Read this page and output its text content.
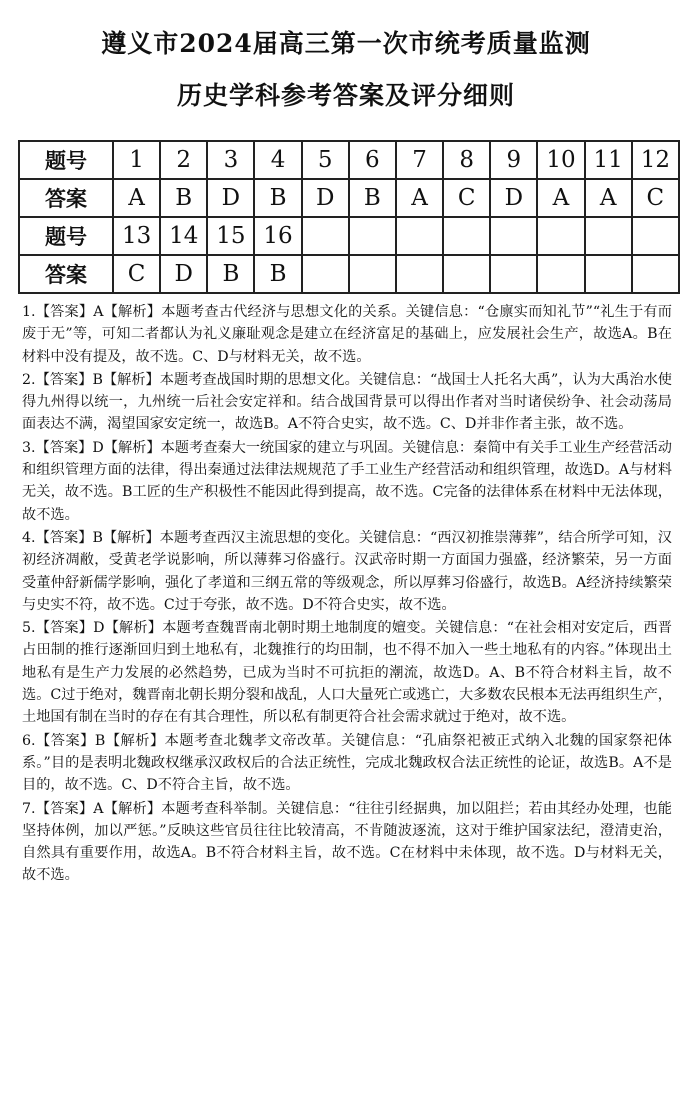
遵义市2024届高三第一次市统考质量监测
历史学科参考答案及评分细则
题号	1	2	3	4	5	6	7	8	9	10	11	12
答案	A	B	D	B	D	B	A	C	D	A	A	C
题号	13	14	15	16								
答案	C	D	B	B								

1.【答案】A【解析】本题考查古代经济与思想文化的关系。关键信息：“仓廪实而知礼节”“礼生于有而废于无”等，可知二者都认为礼义廉耻观念是建立在经济富足的基础上，应发展社会生产，故选A。B在材料中没有提及，故不选。C、D与材料无关，故不选。

2.【答案】B【解析】本题考查战国时期的思想文化。关键信息：“战国士人托名大禹”，认为大禹治水使得九州得以统一，九州统一后社会安定祥和。结合战国背景可以得出作者对当时诸侯纷争、社会动荡局面表达不满，渴望国家安定统一，故选B。A不符合史实，故不选。C、D并非作者主张，故不选。

3.【答案】D【解析】本题考查秦大一统国家的建立与巩固。关键信息：秦简中有关手工业生产经营活动和组织管理方面的法律，得出秦通过法律法规规范了手工业生产经营活动和组织管理，故选D。A与材料无关，故不选。B工匠的生产积极性不能因此得到提高，故不选。C完备的法律体系在材料中无法体现，故不选。

4.【答案】B【解析】本题考查西汉主流思想的变化。关键信息：“西汉初推崇薄葬”，结合所学可知，汉初经济凋敝，受黄老学说影响，所以薄葬习俗盛行。汉武帝时期一方面国力强盛，经济繁荣，另一方面受董仲舒新儒学影响，强化了孝道和三纲五常的等级观念，所以厚葬习俗盛行，故选B。A经济持续繁荣与史实不符，故不选。C过于夸张，故不选。D不符合史实，故不选。

5.【答案】D【解析】本题考查魏晋南北朝时期土地制度的嬗变。关键信息：“在社会相对安定后，西晋占田制的推行逐渐回归到土地私有，北魏推行的均田制，也不得不加入一些土地私有的内容。”体现出土地私有是生产力发展的必然趋势，已成为当时不可抗拒的潮流，故选D。A、B不符合材料主旨，故不选。C过于绝对，魏晋南北朝长期分裂和战乱，人口大量死亡或逃亡，大多数农民根本无法再组织生产，土地国有制在当时的存在有其合理性，所以私有制更符合社会需求就过于绝对，故不选。

6.【答案】B【解析】本题考查北魏孝文帝改革。关键信息：“孔庙祭祀被正式纳入北魏的国家祭祀体系。”目的是表明北魏政权继承汉政权后的合法正统性，完成北魏政权合法正统性的论证，故选B。A不是目的，故不选。C、D不符合主旨，故不选。

7.【答案】A【解析】本题考查科举制。关键信息：“往往引经据典，加以阻拦；若由其经办处理，也能坚持体例，加以严惩。”反映这些官员往往比较清高，不肯随波逐流，这对于维护国家法纪，澄清吏治，自然具有重要作用，故选A。B不符合材料主旨，故不选。C在材料中未体现，故不选。D与材料无关，故不选。
